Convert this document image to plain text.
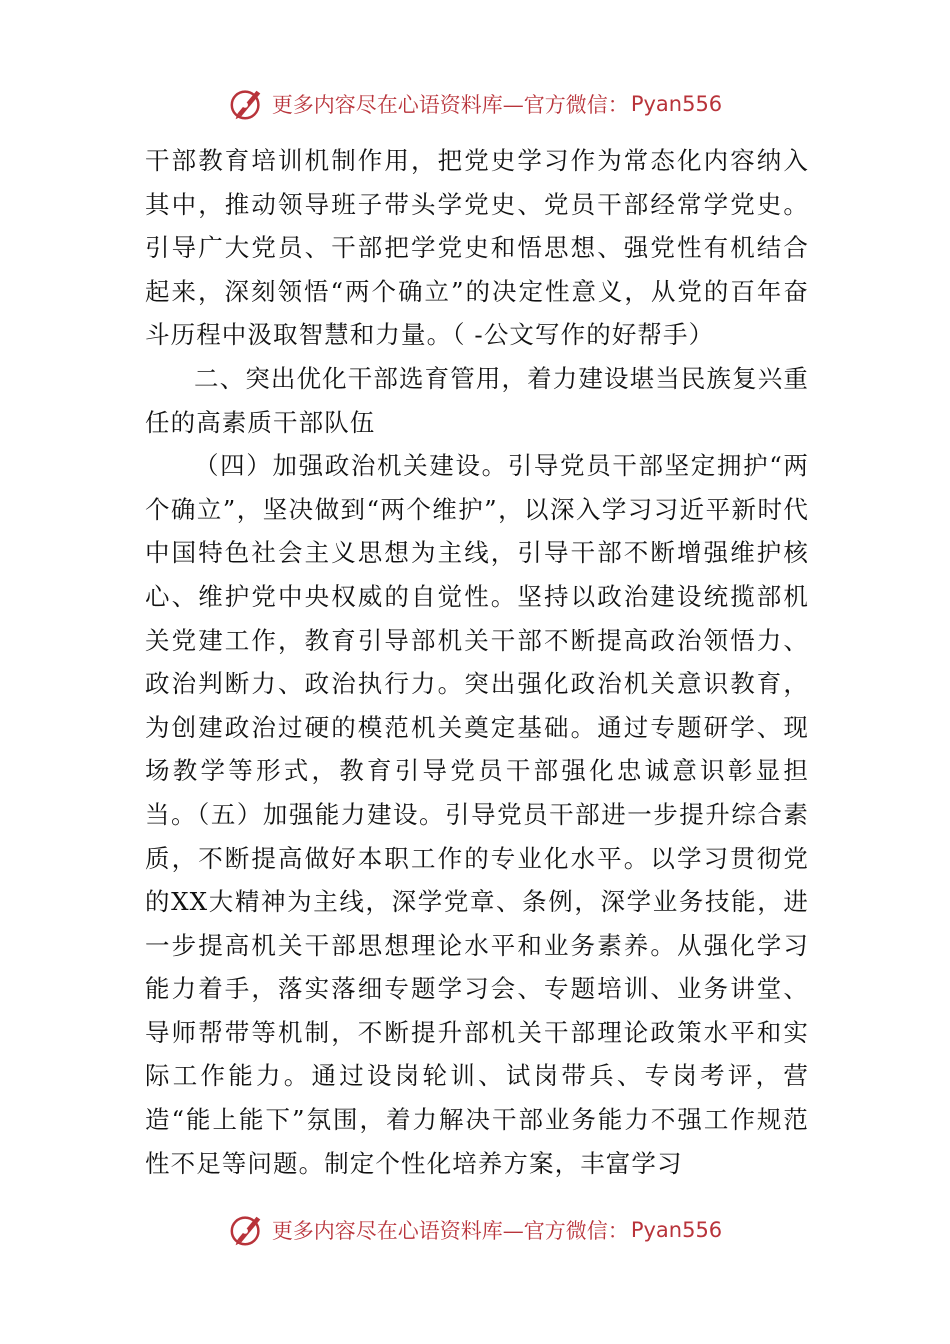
更多内容尽在心语资料库—官方微信： Pyan556

干部教育培训机制作用，把党史学习作为常态化内容纳入其中，推动领导班子带头学党史、党员干部经常学党史。引导广大党员、干部把学党史和悟思想、强党性有机结合起来，深刻领悟“两个确立”的决定性意义，从党的百年奋斗历程中汲取智慧和力量。（ -公文写作的好帮手）

二、突出优化干部选育管用，着力建设堪当民族复兴重任的高素质干部队伍

（四）加强政治机关建设。引导党员干部坚定拥护“两个确立”，坚决做到“两个维护”，以深入学习习近平新时代中国特色社会主义思想为主线，引导干部不断增强维护核心、维护党中央权威的自觉性。坚持以政治建设统揽部机关党建工作，教育引导部机关干部不断提高政治领悟力、政治判断力、政治执行力。突出强化政治机关意识教育，为创建政治过硬的模范机关奠定基础。通过专题研学、现场教学等形式，教育引导党员干部强化忠诚意识彰显担当。（五）加强能力建设。引导党员干部进一步提升综合素质，不断提高做好本职工作的专业化水平。以学习贯彻党的XX大精神为主线，深学党章、条例，深学业务技能，进一步提高机关干部思想理论水平和业务素养。从强化学习能力着手，落实落细专题学习会、专题培训、业务讲堂、导师帮带等机制，不断提升部机关干部理论政策水平和实际工作能力。通过设岗轮训、试岗带兵、专岗考评，营造“能上能下”氛围，着力解决干部业务能力不强工作规范性不足等问题。制定个性化培养方案，丰富学习

更多内容尽在心语资料库—官方微信： Pyan556
